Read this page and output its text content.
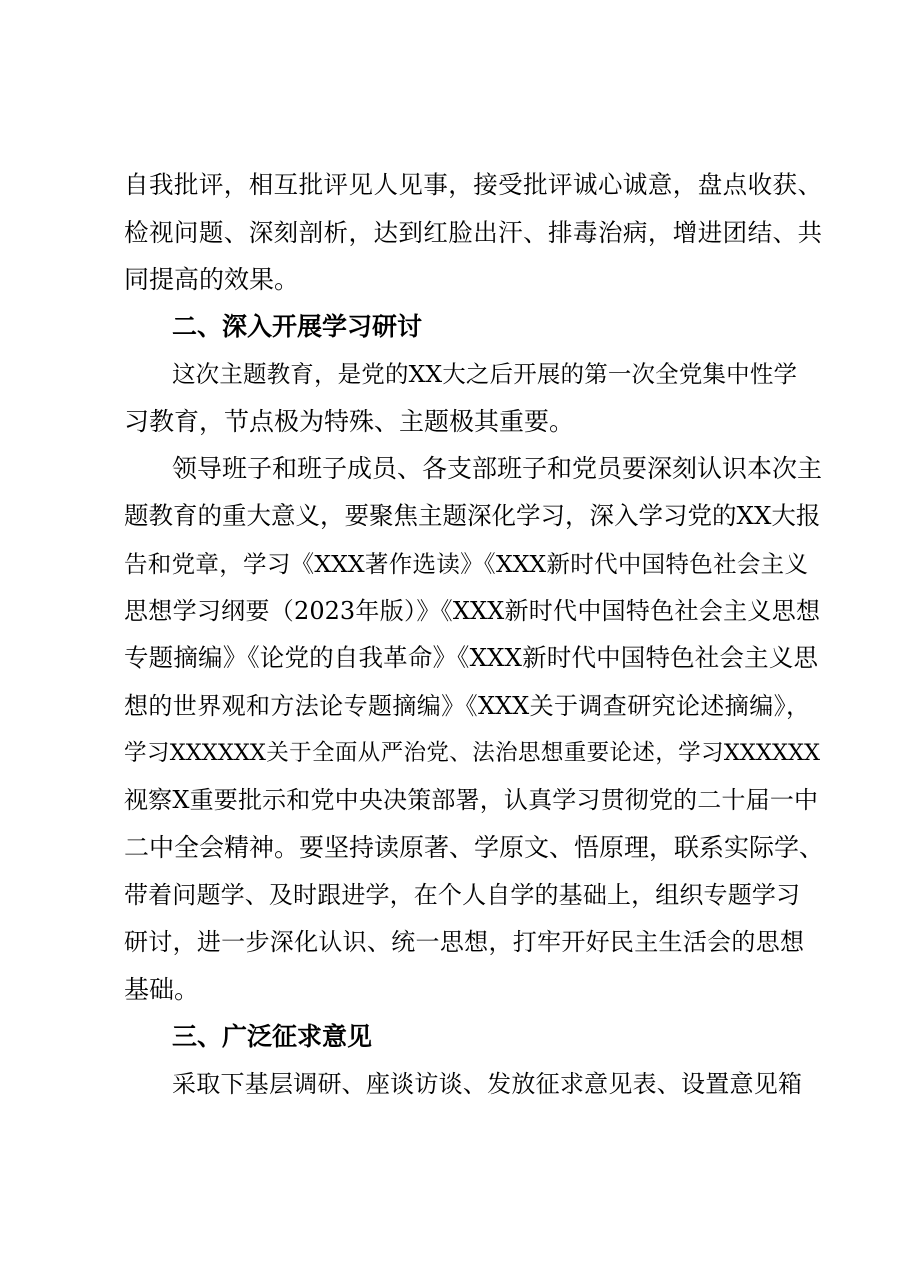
自我批评，相互批评见人见事，接受批评诚心诚意，盘点收获、
检视问题、深刻剖析，达到红脸出汗、排毒治病，增进团结、共
同提高的效果。
二、深入开展学习研讨
这次主题教育，是党的XX大之后开展的第一次全党集中性学
习教育，节点极为特殊、主题极其重要。
领导班子和班子成员、各支部班子和党员要深刻认识本次主
题教育的重大意义，要聚焦主题深化学习，深入学习党的XX大报
告和党章，学习《XXX著作选读》《XXX新时代中国特色社会主义
思想学习纲要（2023年版）》《XXX新时代中国特色社会主义思想
专题摘编》《论党的自我革命》《XXX新时代中国特色社会主义思
想的世界观和方法论专题摘编》《XXX关于调查研究论述摘编》，
学习XXXXXX关于全面从严治党、法治思想重要论述，学习XXXXXX
视察X重要批示和党中央决策部署，认真学习贯彻党的二十届一中
二中全会精神。要坚持读原著、学原文、悟原理，联系实际学、
带着问题学、及时跟进学，在个人自学的基础上，组织专题学习
研讨，进一步深化认识、统一思想，打牢开好民主生活会的思想
基础。
三、广泛征求意见
采取下基层调研、座谈访谈、发放征求意见表、设置意见箱
